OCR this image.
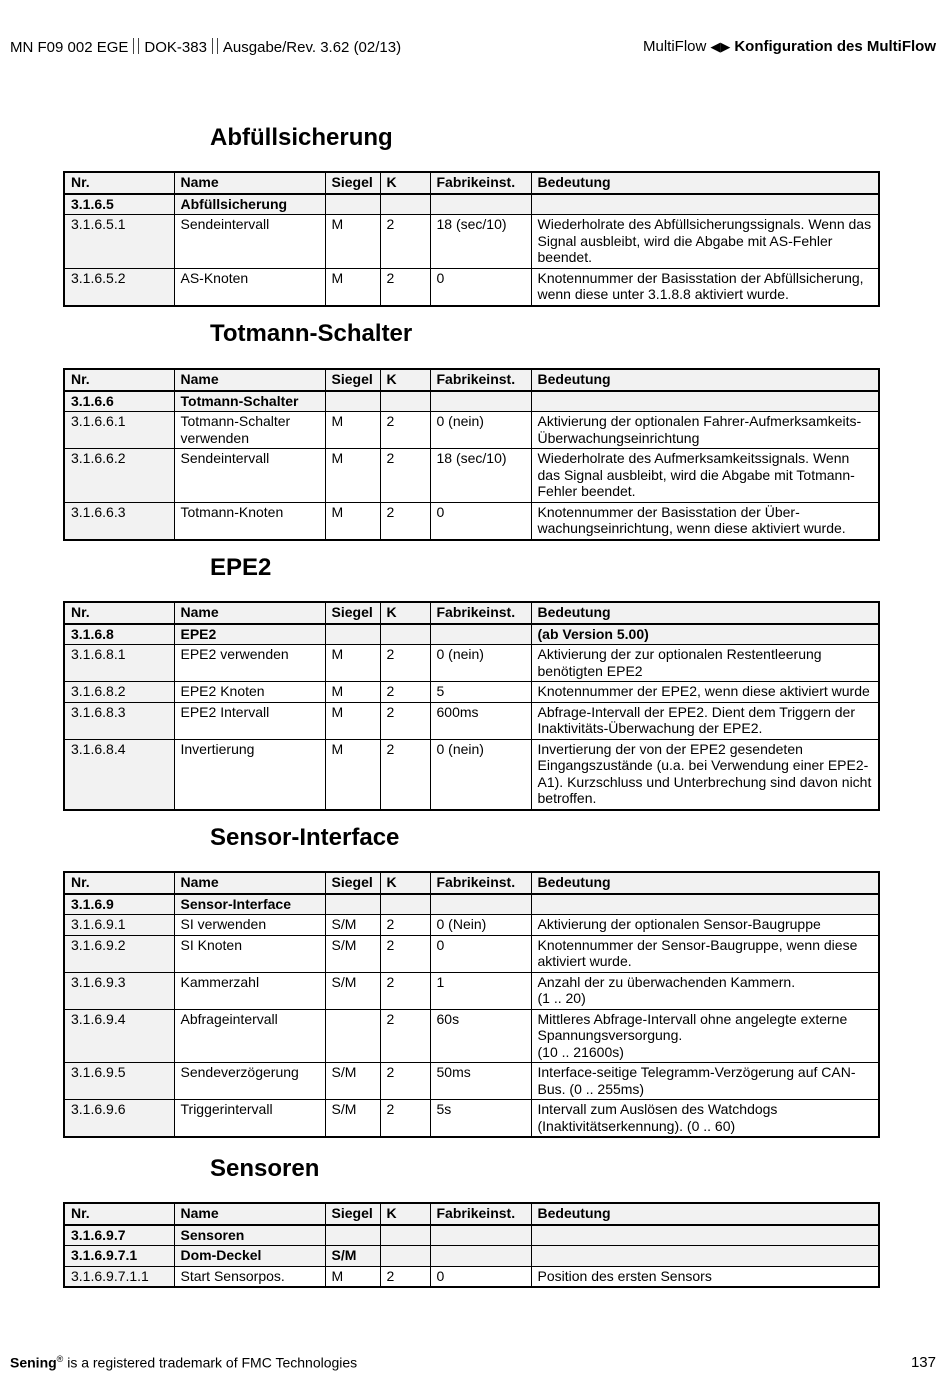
MN F09 002 EGE DOK-383 Ausgabe/Rev. 3.62 (02/13)	MultiFlow ◀▶ Konfiguration des MultiFlow
Abfüllsicherung
Nr.	Name	Siegel	K	Fabrikeinst.	Bedeutung
3.1.6.5	Abfüllsicherung				
3.1.6.5.1	Sendeintervall	M	2	18 (sec/10)	Wiederholrate des Abfüllsicherungssignals. Wenn das Signal ausbleibt, wird die Abgabe mit AS-Fehler beendet.
3.1.6.5.2	AS-Knoten	M	2	0	Knotennummer der Basisstation der Abfüllsicherung, wenn diese unter 3.1.8.8 aktiviert wurde.
Totmann-Schalter
Nr.	Name	Siegel	K	Fabrikeinst.	Bedeutung
3.1.6.6	Totmann-Schalter				
3.1.6.6.1	Totmann-Schalter verwenden	M	2	0 (nein)	Aktivierung der optionalen Fahrer-Aufmerksamkeits-Überwachungseinrichtung
3.1.6.6.2	Sendeintervall	M	2	18 (sec/10)	Wiederholrate des Aufmerksamkeitssignals. Wenn das Signal ausbleibt, wird die Abgabe mit Totmann-Fehler beendet.
3.1.6.6.3	Totmann-Knoten	M	2	0	Knotennummer der Basisstation der Über-wachungseinrichtung, wenn diese aktiviert wurde.
EPE2
Nr.	Name	Siegel	K	Fabrikeinst.	Bedeutung
3.1.6.8	EPE2				(ab Version 5.00)
3.1.6.8.1	EPE2 verwenden	M	2	0 (nein)	Aktivierung der zur optionalen Restentleerung benötigten EPE2
3.1.6.8.2	EPE2 Knoten	M	2	5	Knotennummer der EPE2, wenn diese aktiviert wurde
3.1.6.8.3	EPE2 Intervall	M	2	600ms	Abfrage-Intervall der EPE2. Dient dem Triggern der Inaktivitäts-Überwachung der EPE2.
3.1.6.8.4	Invertierung	M	2	0 (nein)	Invertierung der von der EPE2 gesendeten Eingangszustände (u.a. bei Verwendung einer EPE2-A1). Kurzschluss und Unterbrechung sind davon nicht betroffen.
Sensor-Interface
Nr.	Name	Siegel	K	Fabrikeinst.	Bedeutung
3.1.6.9	Sensor-Interface				
3.1.6.9.1	SI verwenden	S/M	2	0 (Nein)	Aktivierung der optionalen Sensor-Baugruppe
3.1.6.9.2	SI Knoten	S/M	2	0	Knotennummer der Sensor-Baugruppe, wenn diese aktiviert wurde.
3.1.6.9.3	Kammerzahl	S/M	2	1	Anzahl der zu überwachenden Kammern.
(1 .. 20)
3.1.6.9.4	Abfrageintervall		2	60s	Mittleres Abfrage-Intervall ohne angelegte externe Spannungsversorgung.
(10 .. 21600s)
3.1.6.9.5	Sendeverzögerung	S/M	2	50ms	Interface-seitige Telegramm-Verzögerung auf CAN-Bus. (0 .. 255ms)
3.1.6.9.6	Triggerintervall	S/M	2	5s	Intervall zum Auslösen des Watchdogs (Inaktivitätserkennung). (0 .. 60)
Sensoren
Nr.	Name	Siegel	K	Fabrikeinst.	Bedeutung
3.1.6.9.7	Sensoren				
3.1.6.9.7.1	Dom-Deckel	S/M			
3.1.6.9.7.1.1	Start Sensorpos.	M	2	0	Position des ersten Sensors
Sening® is a registered trademark of FMC Technologies	137
